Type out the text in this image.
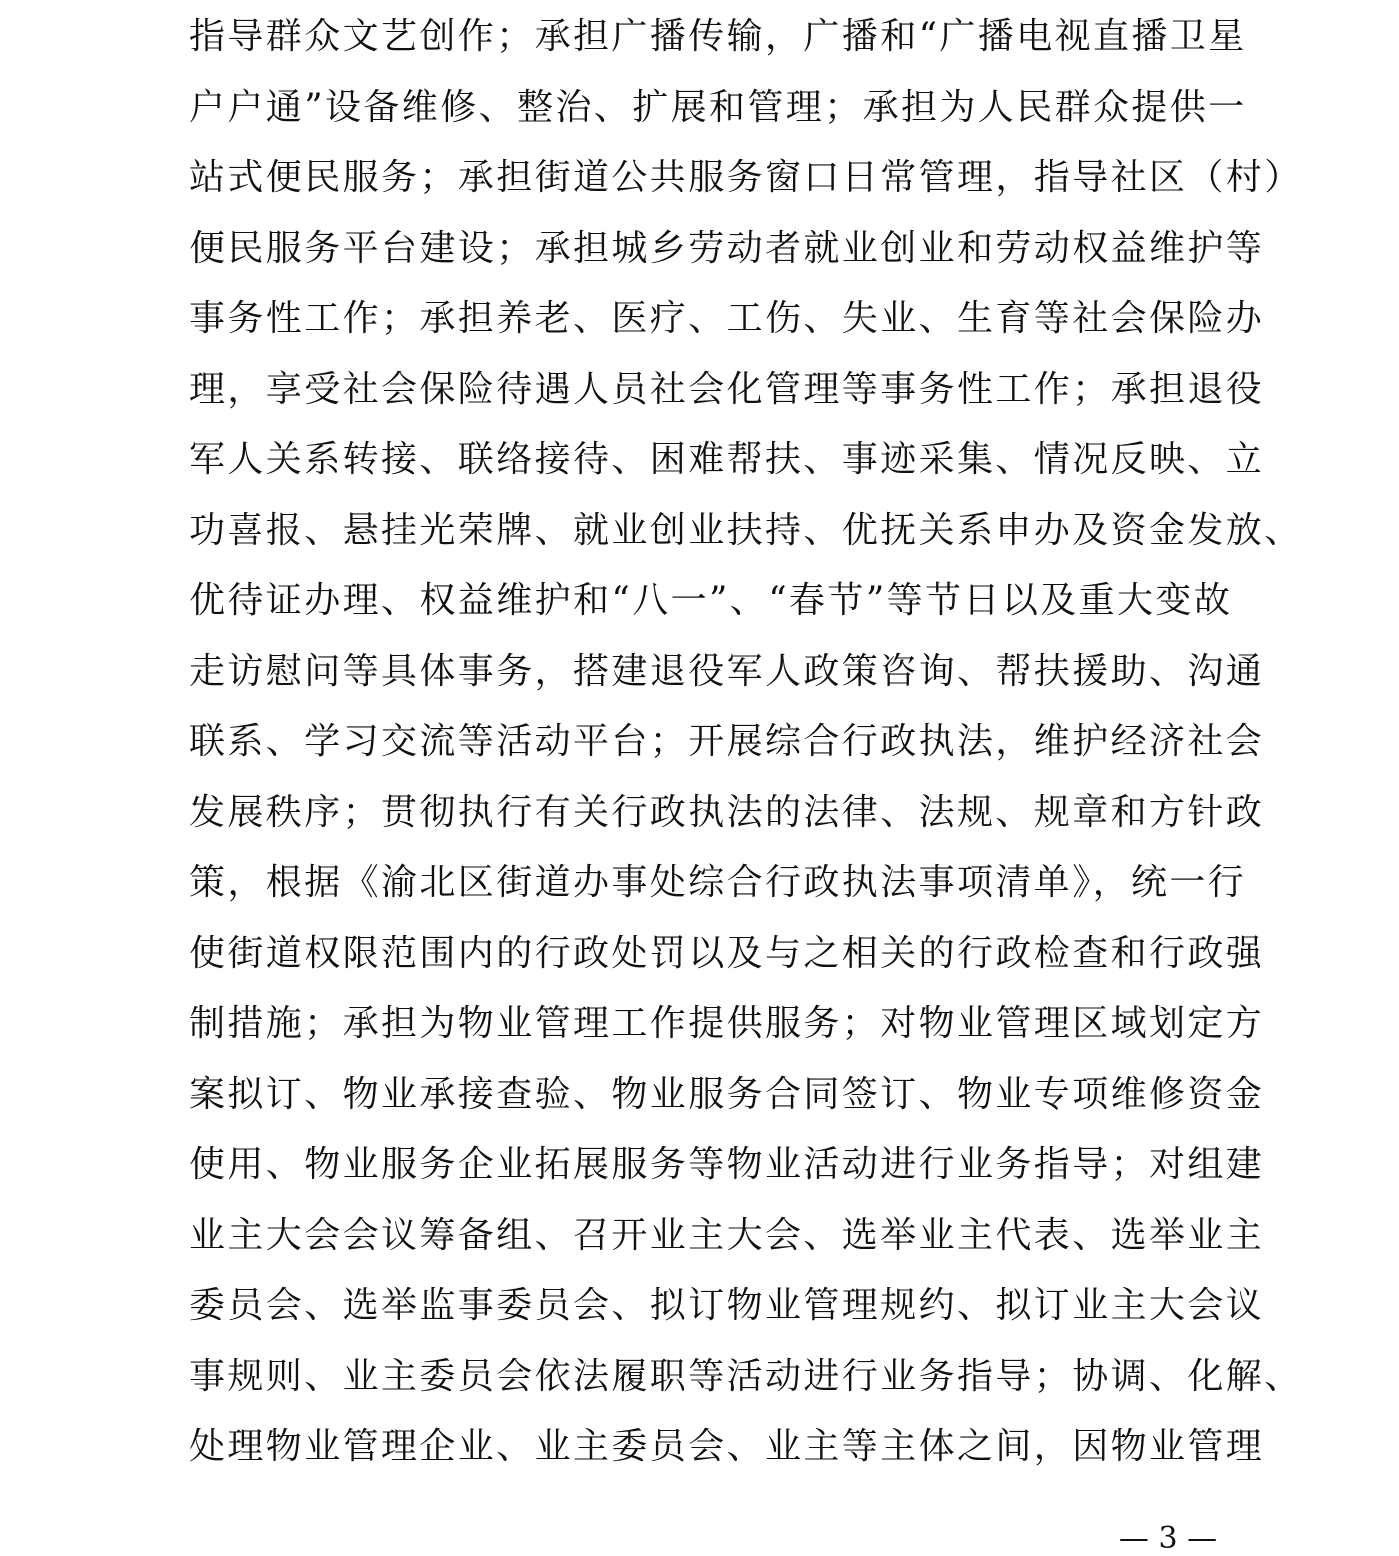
指导群众文艺创作；承担广播传输，广播和“广播电视直播卫星
户户通”设备维修、整治、扩展和管理；承担为人民群众提供一
站式便民服务；承担街道公共服务窗口日常管理，指导社区（村）
便民服务平台建设；承担城乡劳动者就业创业和劳动权益维护等
事务性工作；承担养老、医疗、工伤、失业、生育等社会保险办
理，享受社会保险待遇人员社会化管理等事务性工作；承担退役
军人关系转接、联络接待、困难帮扶、事迹采集、情况反映、立
功喜报、悬挂光荣牌、就业创业扶持、优抚关系申办及资金发放、
优待证办理、权益维护和“八一”、“春节”等节日以及重大变故
走访慰问等具体事务，搭建退役军人政策咨询、帮扶援助、沟通
联系、学习交流等活动平台；开展综合行政执法，维护经济社会
发展秩序；贯彻执行有关行政执法的法律、法规、规章和方针政
策，根据《渝北区街道办事处综合行政执法事项清单》，统一行
使街道权限范围内的行政处罚以及与之相关的行政检查和行政强
制措施；承担为物业管理工作提供服务；对物业管理区域划定方
案拟订、物业承接查验、物业服务合同签订、物业专项维修资金
使用、物业服务企业拓展服务等物业活动进行业务指导；对组建
业主大会会议筹备组、召开业主大会、选举业主代表、选举业主
委员会、选举监事委员会、拟订物业管理规约、拟订业主大会议
事规则、业主委员会依法履职等活动进行业务指导；协调、化解、
处理物业管理企业、业主委员会、业主等主体之间，因物业管理
— 3 —
